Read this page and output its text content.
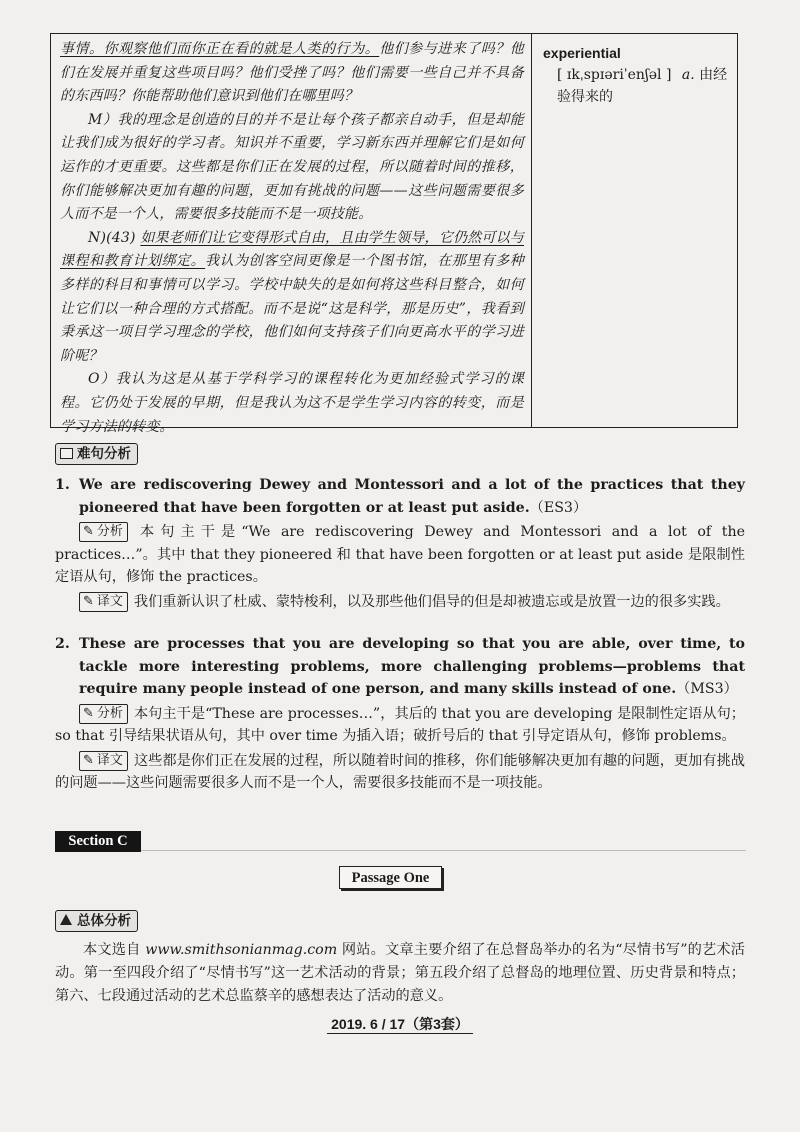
事情。你观察他们而你正在看的就是人类的行为。他们参与进来了吗？他们在发展并重复这些项目吗？他们受挫了吗？他们需要一些自己并不具备的东西吗？你能帮助他们意识到他们在哪里吗？

M）我的理念是创造的目的并不是让每个孩子都亲自动手，但是却能让我们成为很好的学习者。知识并不重要，学习新东西并理解它们是如何运作的才更重要。这些都是你们正在发展的过程，所以随着时间的推移，你们能够解决更加有趣的问题，更加有挑战的问题——这些问题需要很多人而不是一个人，需要很多技能而不是一项技能。

N)(43) 如果老师们让它变得形式自由，且由学生领导，它仍然可以与课程和教育计划绑定。我认为创客空间更像是一个图书馆，在那里有多种多样的科目和事情可以学习。学校中缺失的是如何将这些科目整合，如何让它们以一种合理的方式搭配。而不是说“这是科学，那是历史”，我看到秉承这一项目学习理念的学校，他们如何支持孩子们向更高水平的学习进阶呢？

O）我认为这是从基于学科学习的课程转化为更加经验式学习的课程。它仍处于发展的早期，但是我认为这不是学生学习内容的转变，而是学习方法的转变。

experiential
[ ɪkˌspɪəriˈenʃəl ] a. 由经验得来的
难句分析
1. We are rediscovering Dewey and Montessori and a lot of the practices that they pioneered that have been forgotten or at least put aside.（ES3）
✎ 分析 本句主干是“We are rediscovering Dewey and Montessori and a lot of the practices…”。其中 that they pioneered 和 that have been forgotten or at least put aside 是限制性定语从句，修饰 the practices。
✎ 译文 我们重新认识了杜威、蒙特梭利，以及那些他们倡导的但是却被遗忘或是放置一边的很多实践。
2. These are processes that you are developing so that you are able, over time, to tackle more interesting problems, more challenging problems—problems that require many people instead of one person, and many skills instead of one.（MS3）
✎ 分析 本句主干是“These are processes…”，其后的 that you are developing 是限制性定语从句；so that 引导结果状语从句，其中 over time 为插入语；破折号后的 that 引导定语从句，修饰 problems。
✎ 译文 这些都是你们正在发展的过程，所以随着时间的推移，你们能够解决更加有趣的问题，更加有挑战的问题——这些问题需要很多人而不是一个人，需要很多技能而不是一项技能。
Section C
Passage One
总体分析
本文选自 www.smithsonianmag.com 网站。文章主要介绍了在总督岛举办的名为“尽情书写”的艺术活动。第一至四段介绍了“尽情书写”这一艺术活动的背景；第五段介绍了总督岛的地理位置、历史背景和特点；第六、七段通过活动的艺术总监蔡辛的感想表达了活动的意义。
2019. 6 / 17（第3套）
